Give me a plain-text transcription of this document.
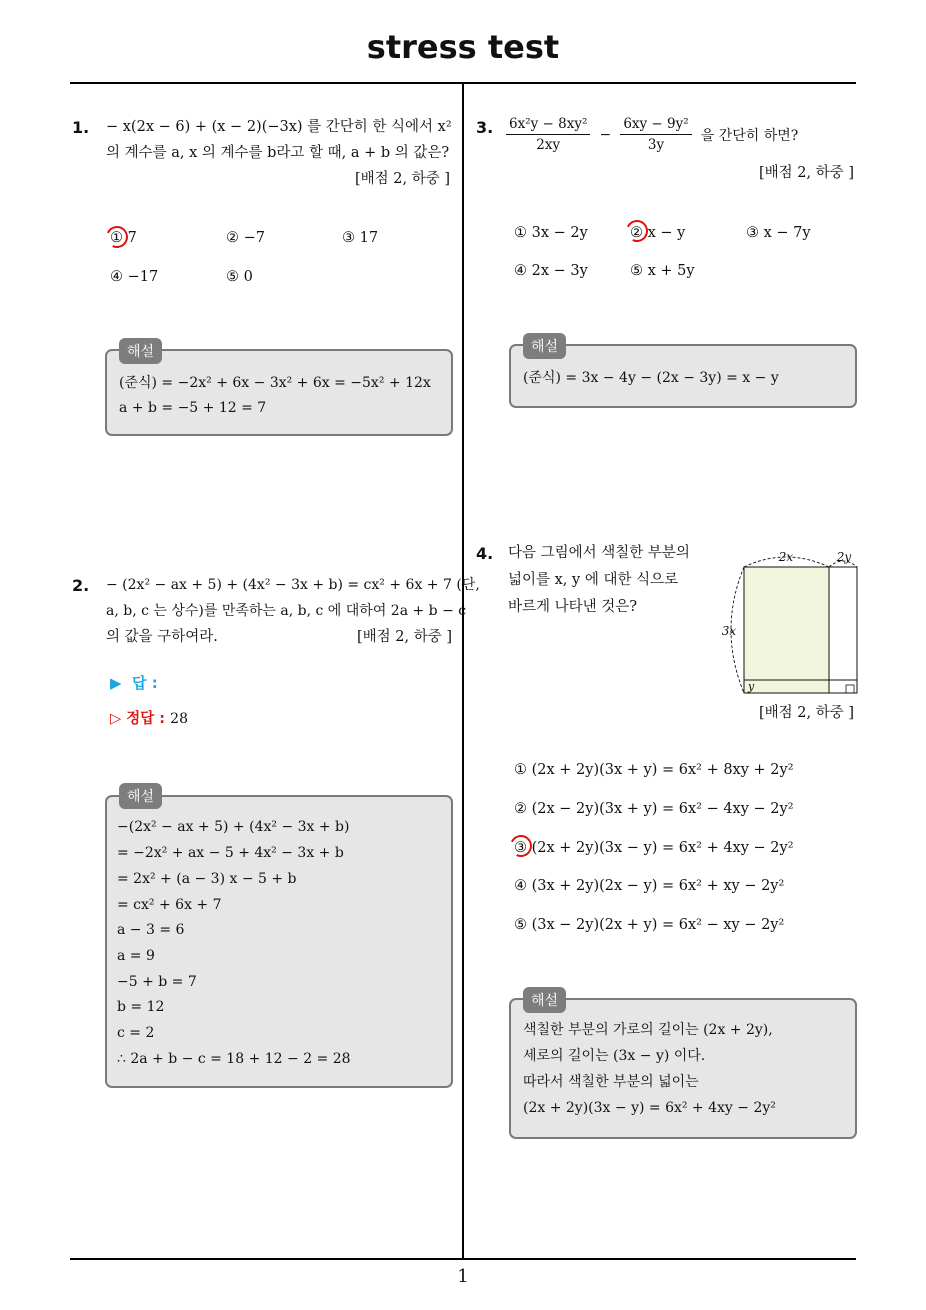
stress test
1
1. − x(2x − 6) + (x − 2)(−3x) 를 간단히 한 식에서 x²
의 계수를 a, x 의 계수를 b라고 할 때, a + b 의 값은?
[배점 2, 하중 ]
① 7	② −7	③ 17
④ −17	⑤ 0
(준식) = −2x² + 6x − 3x² + 6x = −5x² + 12x
a + b = −5 + 12 = 7
해설
2. − (2x² − ax + 5) + (4x² − 3x + b) = cx² + 6x + 7 (단,
a, b, c 는 상수)를 만족하는 a, b, c 에 대하여 2a + b − c
의 값을 구하여라.	[배점 2, 하중 ]
▶  답 :
▷ 정답 : 28
−(2x² − ax + 5) + (4x² − 3x + b)
= −2x² + ax − 5 + 4x² − 3x + b
= 2x² + (a − 3) x − 5 + b
= cx² + 6x + 7
a − 3 = 6
a = 9
−5 + b = 7
b = 12
c = 2
∴ 2a + b − c = 18 + 12 − 2 = 28
해설
3. $\frac{\text{6x²y − 8xy²}}{2xy} - \frac{\text{6xy − 9y²}}{3y}$ 을 간단히 하면?
[배점 2, 하중 ]
① 3x − 2y	② x − y	③ x − 7y
④ 2x − 3y	⑤ x + 5y
(준식) = 3x − 4y − (2x − 3y) = x − y
해설
4. 다음 그림에서 색칠한 부분의
넓이를 x, y 에 대한 식으로
바르게 나타낸 것은?
2x	2y
3x
y
[배점 2, 하중 ]
① (2x + 2y)(3x + y) = 6x² + 8xy + 2y²
② (2x − 2y)(3x + y) = 6x² − 4xy − 2y²
③ (2x + 2y)(3x − y) = 6x² + 4xy − 2y²
④ (3x + 2y)(2x − y) = 6x² + xy − 2y²
⑤ (3x − 2y)(2x + y) = 6x² − xy − 2y²
색칠한 부분의 가로의 길이는 (2x + 2y),
세로의 길이는 (3x − y) 이다.
따라서 색칠한 부분의 넓이는
(2x + 2y)(3x − y) = 6x² + 4xy − 2y²
해설
